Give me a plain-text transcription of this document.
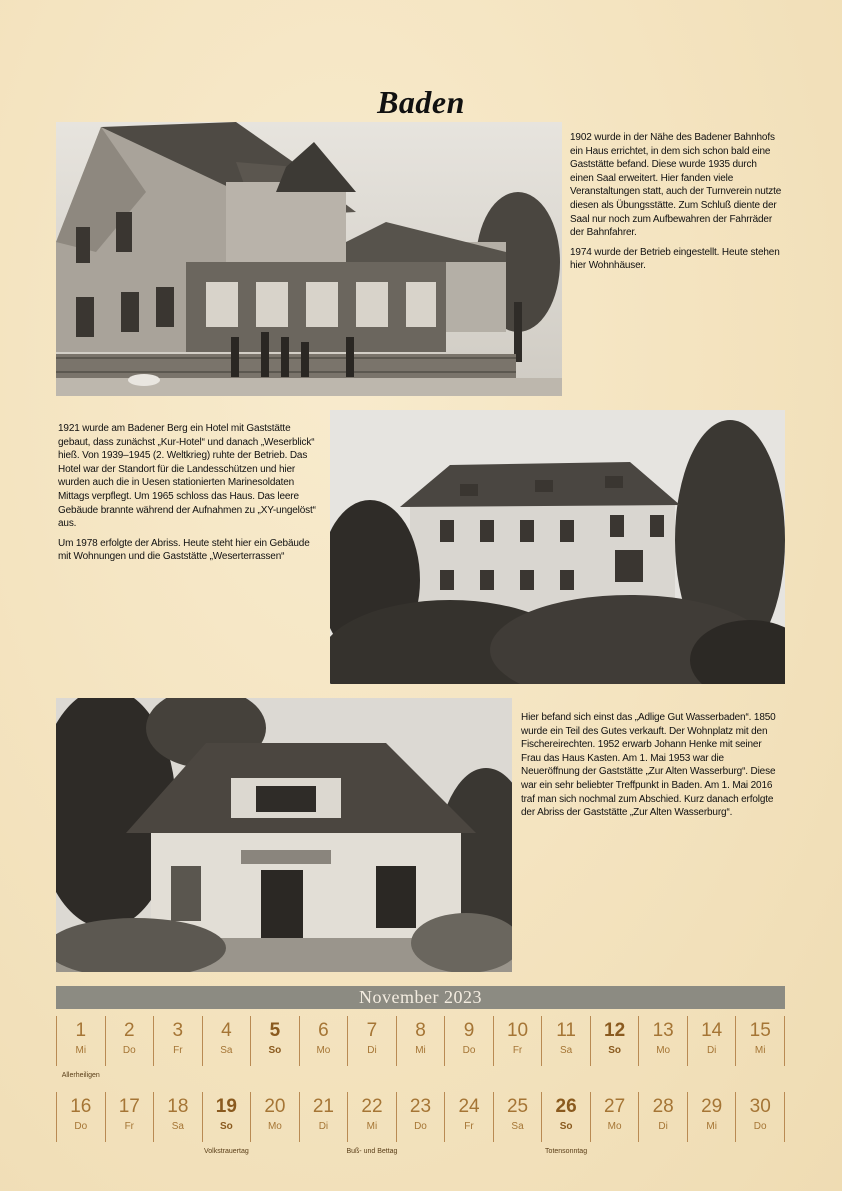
Baden

1902 wurde in der Nähe des Badener Bahnhofs ein Haus errichtet, in dem sich schon bald eine Gaststätte befand. Diese wurde 1935 durch einen Saal erweitert. Hier fanden viele Veranstaltungen statt, auch der Turnverein nutzte diesen als Übungsstätte. Zum Schluß diente der Saal nur noch zum Aufbewahren der Fahrräder der Bahnfahrer.

1974 wurde der Betrieb eingestellt. Heute stehen hier Wohnhäuser.

1921 wurde am Badener Berg ein Hotel mit Gaststätte gebaut, dass zunächst „Kur-Hotel“ und danach „Weserblick“ hieß. Von 1939–1945 (2. Weltkrieg) ruhte der Betrieb. Das Hotel war der Standort für die Landesschützen und hier wurden auch die in Uesen stationierten Marinesoldaten Mittags verpflegt. Um 1965 schloss das Haus. Das leere Gebäude brannte während der Aufnahmen zu „XY-ungelöst“ aus.

Um 1978 erfolgte der Abriss. Heute steht hier ein Gebäude mit Wohnungen und die Gaststätte „Weserterrassen“

Hier befand sich einst das „Adlige Gut Wasserbaden“. 1850 wurde ein Teil des Gutes verkauft. Der Wohnplatz mit den Fischereirechten. 1952 erwarb Johann Henke mit seiner Frau das Haus Kasten. Am 1. Mai 1953 war die Neueröffnung der Gaststätte „Zur Alten Wasserburg“. Diese war ein sehr beliebter Treffpunkt in Baden. Am 1. Mai 2016 traf man sich nochmal zum Abschied. Kurz danach erfolgte der Abriss der Gaststätte „Zur Alten Wasserburg“.

November 2023
1
Mi
Allerheiligen
2
Do
3
Fr
4
Sa
5
So
6
Mo
7
Di
8
Mi
9
Do
10
Fr
11
Sa
12
So
13
Mo
14
Di
15
Mi
16
Do
17
Fr
18
Sa
19
So
Volkstrauertag
20
Mo
21
Di
22
Mi
Buß- und Bettag
23
Do
24
Fr
25
Sa
26
So
Totensonntag
27
Mo
28
Di
29
Mi
30
Do
